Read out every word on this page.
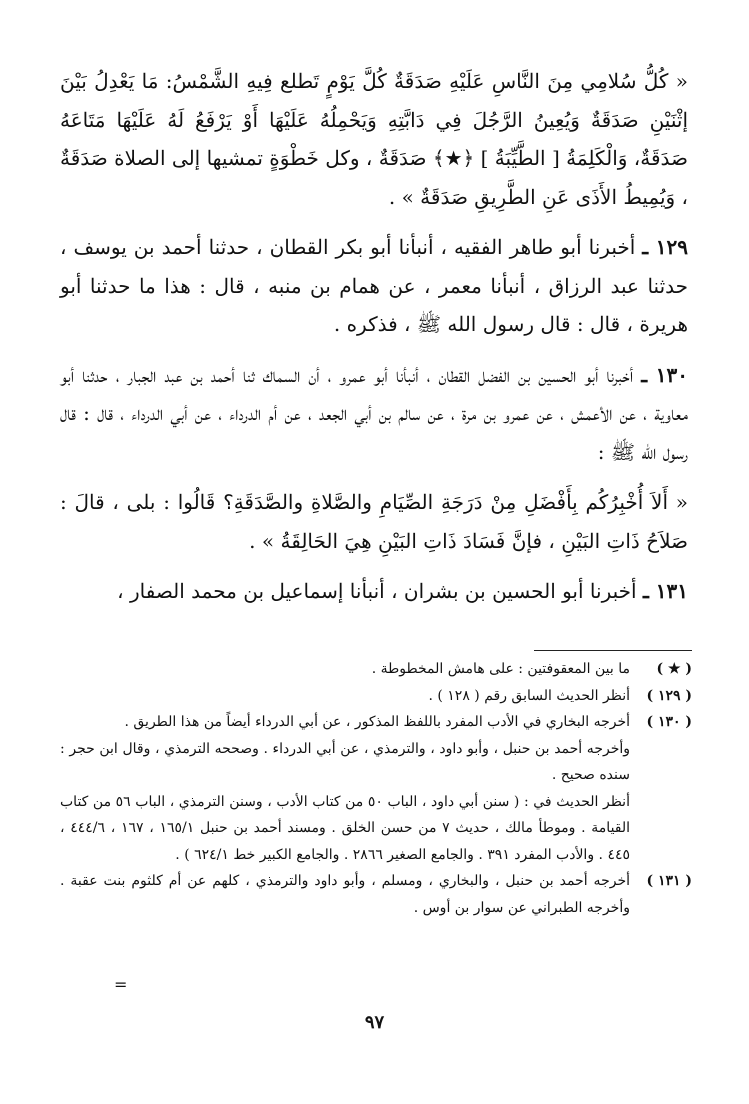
« كُلُّ سُلامِي مِنَ النَّاسِ عَلَيْهِ صَدَقَةٌ كُلَّ يَوْمٍ تَطلع فِيهِ الشَّمْسُ: مَا يَعْدِلُ بَيْنَ إثْنَيْنِ صَدَقَةٌ وَيُعِينُ الرَّجُلَ فِي دَابَّتِهِ وَيَحْمِلُهُ عَلَيْهَا أَوْ يَرْفَعُ لَهُ عَلَيْهَا مَتَاعَهُ صَدَقَةٌ، وَالْكَلِمَةُ [ الطَّيِّبَةُ ] ﴿★﴾ صَدَقَةٌ ، وكل خَطْوَةٍ تمشيها إلى الصلاة صَدَقَةٌ ، وَيُمِيطُ الأَذَى عَنِ الطَّرِيقِ صَدَقَةٌ » .

١٢٩ ـ أخبرنا أبو طاهر الفقيه ، أنبأنا أبو بكر القطان ، حدثنا أحمد بن يوسف ، حدثنا عبد الرزاق ، أنبأنا معمر ، عن همام بن منبه ، قال : هذا ما حدثنا أبو هريرة ، قال : قال رسول الله ﷺ ، فذكره .

١٣٠ ـ أخبرنا أبو الحسين بن الفضل القطان ، أنبأنا أبو عمرو ، أن السماك ثنا أحمد بن عبد الجبار ، حدثنا أبو معاوية ، عن الأعمش ، عن عمرو بن مرة ، عن سالم بن أبي الجعد ، عن أم الدرداء ، عن أبي الدرداء ، قال : قال رسول الله ﷺ :

« أَلاَ أُخْبِرُكُم بِأَفْضَلِ مِنْ دَرَجَةِ الصِّيَامِ والصَّلاةِ والصَّدَقَةِ؟ قَالُوا : بلى ، قالَ : صَلاَحُ ذَاتِ البَيْنِ ، فإنَّ فَسَادَ ذَاتِ البَيْنِ هِيَ الحَالِقَةُ » .

١٣١ ـ أخبرنا أبو الحسين بن بشران ، أنبأنا إسماعيل بن محمد الصفار ،

( ★ )

ما بين المعقوفتين : على هامش المخطوطة .

( ١٢٩ )

أنظر الحديث السابق رقم ( ١٢٨ ) .

( ١٣٠ )

أخرجه البخاري في الأدب المفرد باللفظ المذكور ، عن أبي الدرداء أيضاً من هذا الطريق .

وأخرجه أحمد بن حنبل ، وأبو داود ، والترمذي ، عن أبي الدرداء . وصححه الترمذي ، وقال ابن حجر : سنده صحيح .

أنظر الحديث في : ( سنن أبي داود ، الباب ٥٠ من كتاب الأدب ، وسنن الترمذي ، الباب ٥٦ من كتاب القيامة . وموطأ مالك ، حديث ٧ من حسن الخلق . ومسند أحمد بن حنبل ١٦٥/١ ، ١٦٧ ، ٤٤٤/٦ ، ٤٤٥ . والأدب المفرد ٣٩١ . والجامع الصغير ٢٨٦٦ . والجامع الكبير خط ٦٢٤/١ ) .

( ١٣١ )

أخرجه أحمد بن حنبل ، والبخاري ، ومسلم ، وأبو داود والترمذي ، كلهم عن أم كلثوم بنت عقبة . وأخرجه الطبراني عن سوار بن أوس .

=
٩٧
